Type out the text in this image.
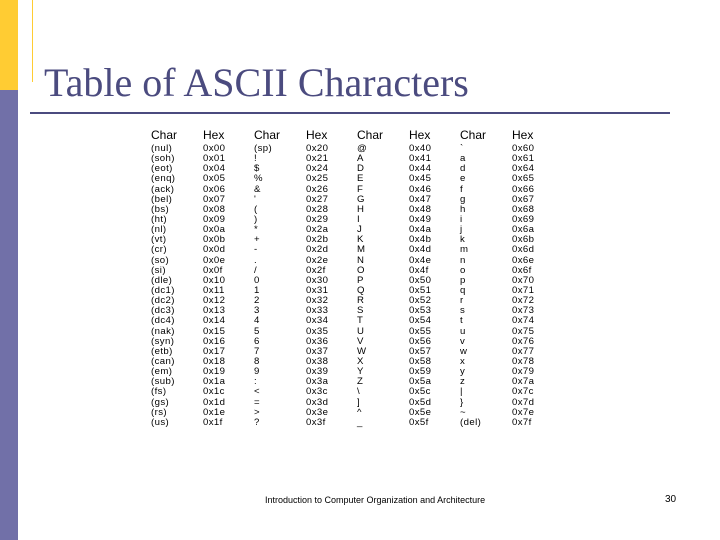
Table of ASCII Characters
Char
(nul)
(soh)
(eot)
(enq)
(ack)
(bel)
(bs)
(ht)
(nl)
(vt)
(cr)
(so)
(si)
(dle)
(dc1)
(dc2)
(dc3)
(dc4)
(nak)
(syn)
(etb)
(can)
(em)
(sub)
(fs)
(gs)
(rs)
(us)
Hex
0x00
0x01
0x04
0x05
0x06
0x07
0x08
0x09
0x0a
0x0b
0x0d
0x0e
0x0f
0x10
0x11
0x12
0x13
0x14
0x15
0x16
0x17
0x18
0x19
0x1a
0x1c
0x1d
0x1e
0x1f
Char
(sp)
!
$
%
&
'
(
)
*
+
-
.
/
0
1
2
3
4
5
6
7
8
9
:
<
=
>
?
Hex
0x20
0x21
0x24
0x25
0x26
0x27
0x28
0x29
0x2a
0x2b
0x2d
0x2e
0x2f
0x30
0x31
0x32
0x33
0x34
0x35
0x36
0x37
0x38
0x39
0x3a
0x3c
0x3d
0x3e
0x3f
Char
@
A
D
E
F
G
H
I
J
K
M
N
O
P
Q
R
S
T
U
V
W
X
Y
Z
\
]
^
_
Hex
0x40
0x41
0x44
0x45
0x46
0x47
0x48
0x49
0x4a
0x4b
0x4d
0x4e
0x4f
0x50
0x51
0x52
0x53
0x54
0x55
0x56
0x57
0x58
0x59
0x5a
0x5c
0x5d
0x5e
0x5f
Char
`
a
d
e
f
g
h
i
j
k
m
n
o
p
q
r
s
t
u
v
w
x
y
z
|
}
~
(del)
Hex
0x60
0x61
0x64
0x65
0x66
0x67
0x68
0x69
0x6a
0x6b
0x6d
0x6e
0x6f
0x70
0x71
0x72
0x73
0x74
0x75
0x76
0x77
0x78
0x79
0x7a
0x7c
0x7d
0x7e
0x7f
Introduction to Computer Organization and Architecture	30
